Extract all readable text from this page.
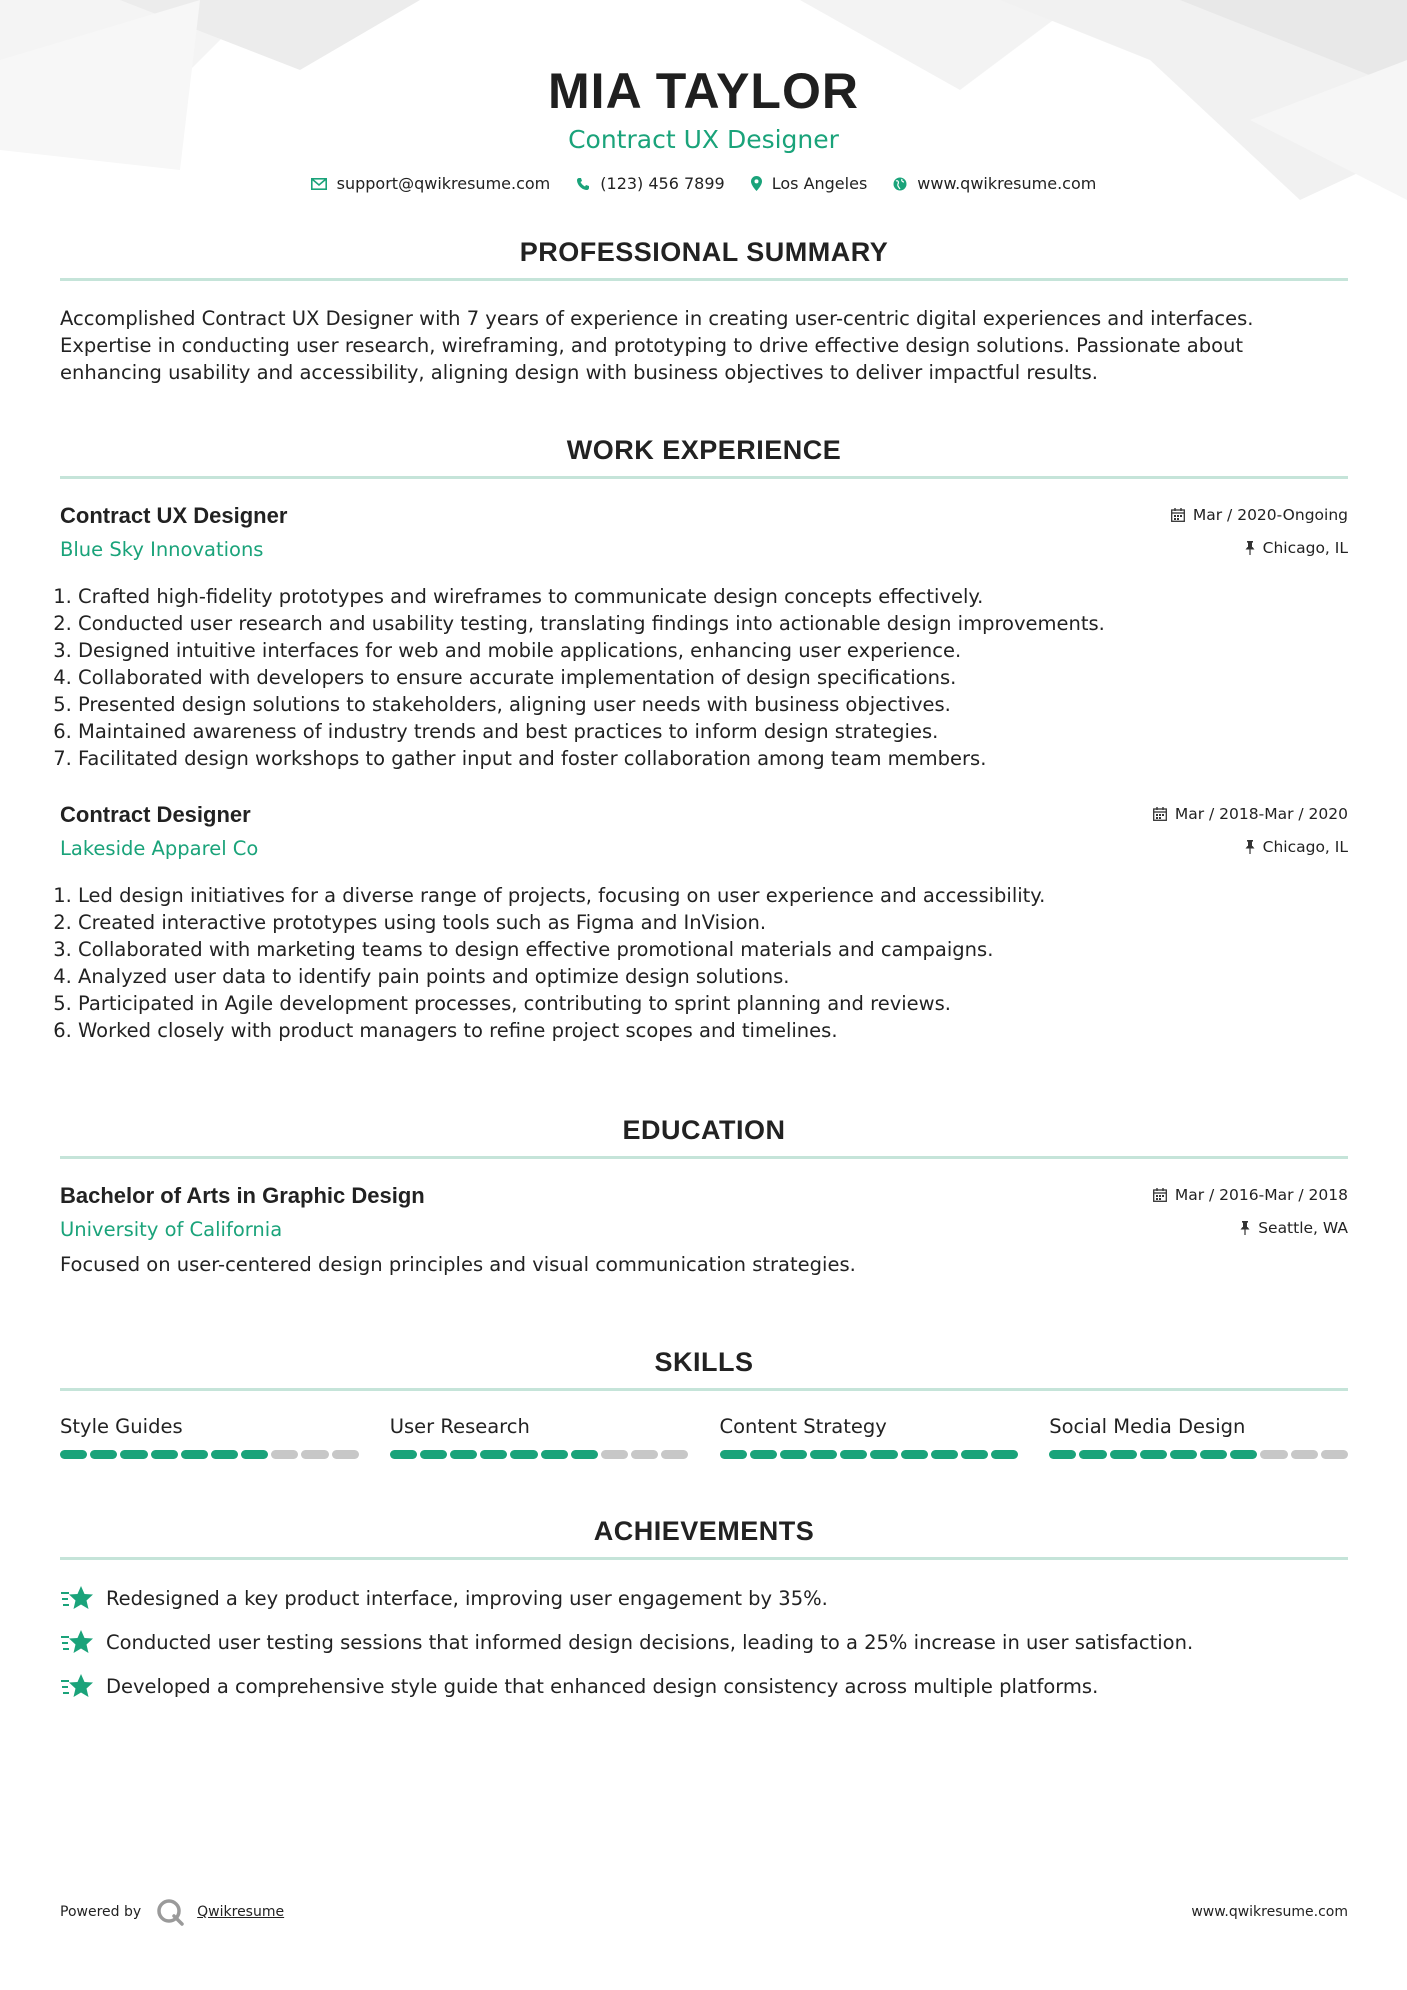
MIA TAYLOR
Contract UX Designer
support@qwikresume.com	(123) 456 7899	Los Angeles	www.qwikresume.com
PROFESSIONAL SUMMARY

Accomplished Contract UX Designer with 7 years of experience in creating user-centric digital experiences and interfaces. Expertise in conducting user research, wireframing, and prototyping to drive effective design solutions. Passionate about enhancing usability and accessibility, aligning design with business objectives to deliver impactful results.

WORK EXPERIENCE
Contract UX Designer
Blue Sky Innovations
Mar / 2020-Ongoing
Chicago, IL
1. Crafted high-fidelity prototypes and wireframes to communicate design concepts effectively.
2. Conducted user research and usability testing, translating findings into actionable design improvements.
3. Designed intuitive interfaces for web and mobile applications, enhancing user experience.
4. Collaborated with developers to ensure accurate implementation of design specifications.
5. Presented design solutions to stakeholders, aligning user needs with business objectives.
6. Maintained awareness of industry trends and best practices to inform design strategies.
7. Facilitated design workshops to gather input and foster collaboration among team members.
Contract Designer
Lakeside Apparel Co
Mar / 2018-Mar / 2020
Chicago, IL
1. Led design initiatives for a diverse range of projects, focusing on user experience and accessibility.
2. Created interactive prototypes using tools such as Figma and InVision.
3. Collaborated with marketing teams to design effective promotional materials and campaigns.
4. Analyzed user data to identify pain points and optimize design solutions.
5. Participated in Agile development processes, contributing to sprint planning and reviews.
6. Worked closely with product managers to refine project scopes and timelines.
EDUCATION
Bachelor of Arts in Graphic Design
University of California
Mar / 2016-Mar / 2018
Seattle, WA
Focused on user-centered design principles and visual communication strategies.
SKILLS
Style Guides	User Research	Content Strategy	Social Media Design
ACHIEVEMENTS
Redesigned a key product interface, improving user engagement by 35%.
Conducted user testing sessions that informed design decisions, leading to a 25% increase in user satisfaction.
Developed a comprehensive style guide that enhanced design consistency across multiple platforms.
Powered by	Qwikresume	www.qwikresume.com
